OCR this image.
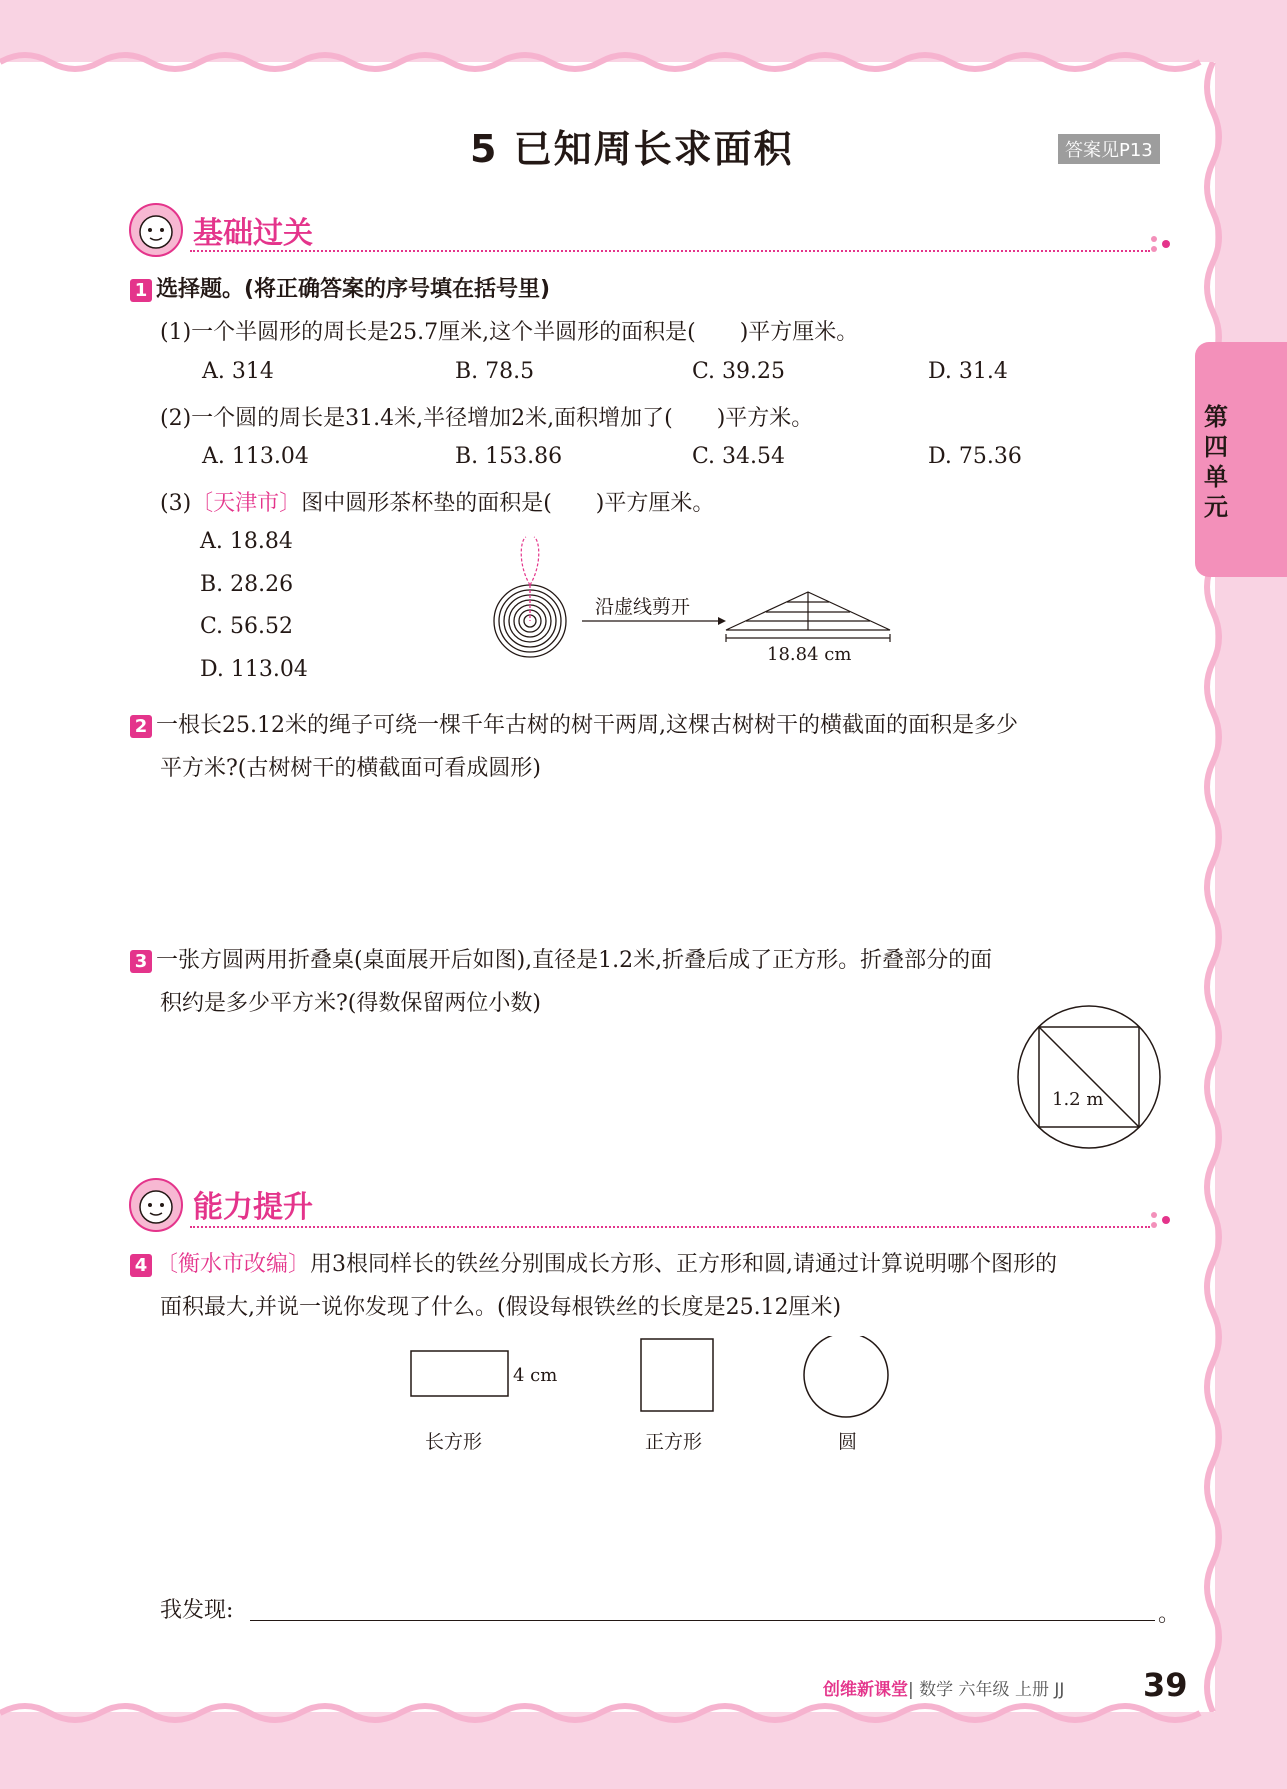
第四单元
5 已知周长求面积	答案见P13
基础过关
1 选择题。(将正确答案的序号填在括号里)
(1)一个半圆形的周长是25.7厘米,这个半圆形的面积是(　　)平方厘米。
A. 314	B. 78.5	C. 39.25	D. 31.4
(2)一个圆的周长是31.4米,半径增加2米,面积增加了(　　)平方米。
A. 113.04	B. 153.86	C. 34.54	D. 75.36
(3)〔天津市〕图中圆形茶杯垫的面积是(　　)平方厘米。
A. 18.84
B. 28.26
C. 56.52
D. 113.04
沿虚线剪开
18.84 cm
2 一根长25.12米的绳子可绕一棵千年古树的树干两周,这棵古树树干的横截面的面积是多少
平方米?(古树树干的横截面可看成圆形)
3 一张方圆两用折叠桌(桌面展开后如图),直径是1.2米,折叠后成了正方形。折叠部分的面
积约是多少平方米?(得数保留两位小数)
1.2 m
能力提升
4 〔衡水市改编〕用3根同样长的铁丝分别围成长方形、正方形和圆,请通过计算说明哪个图形的
面积最大,并说一说你发现了什么。(假设每根铁丝的长度是25.12厘米)
4 cm
长方形	正方形	圆
我发现:	。
创维新课堂| 数学 六年级 上册 JJ 39
